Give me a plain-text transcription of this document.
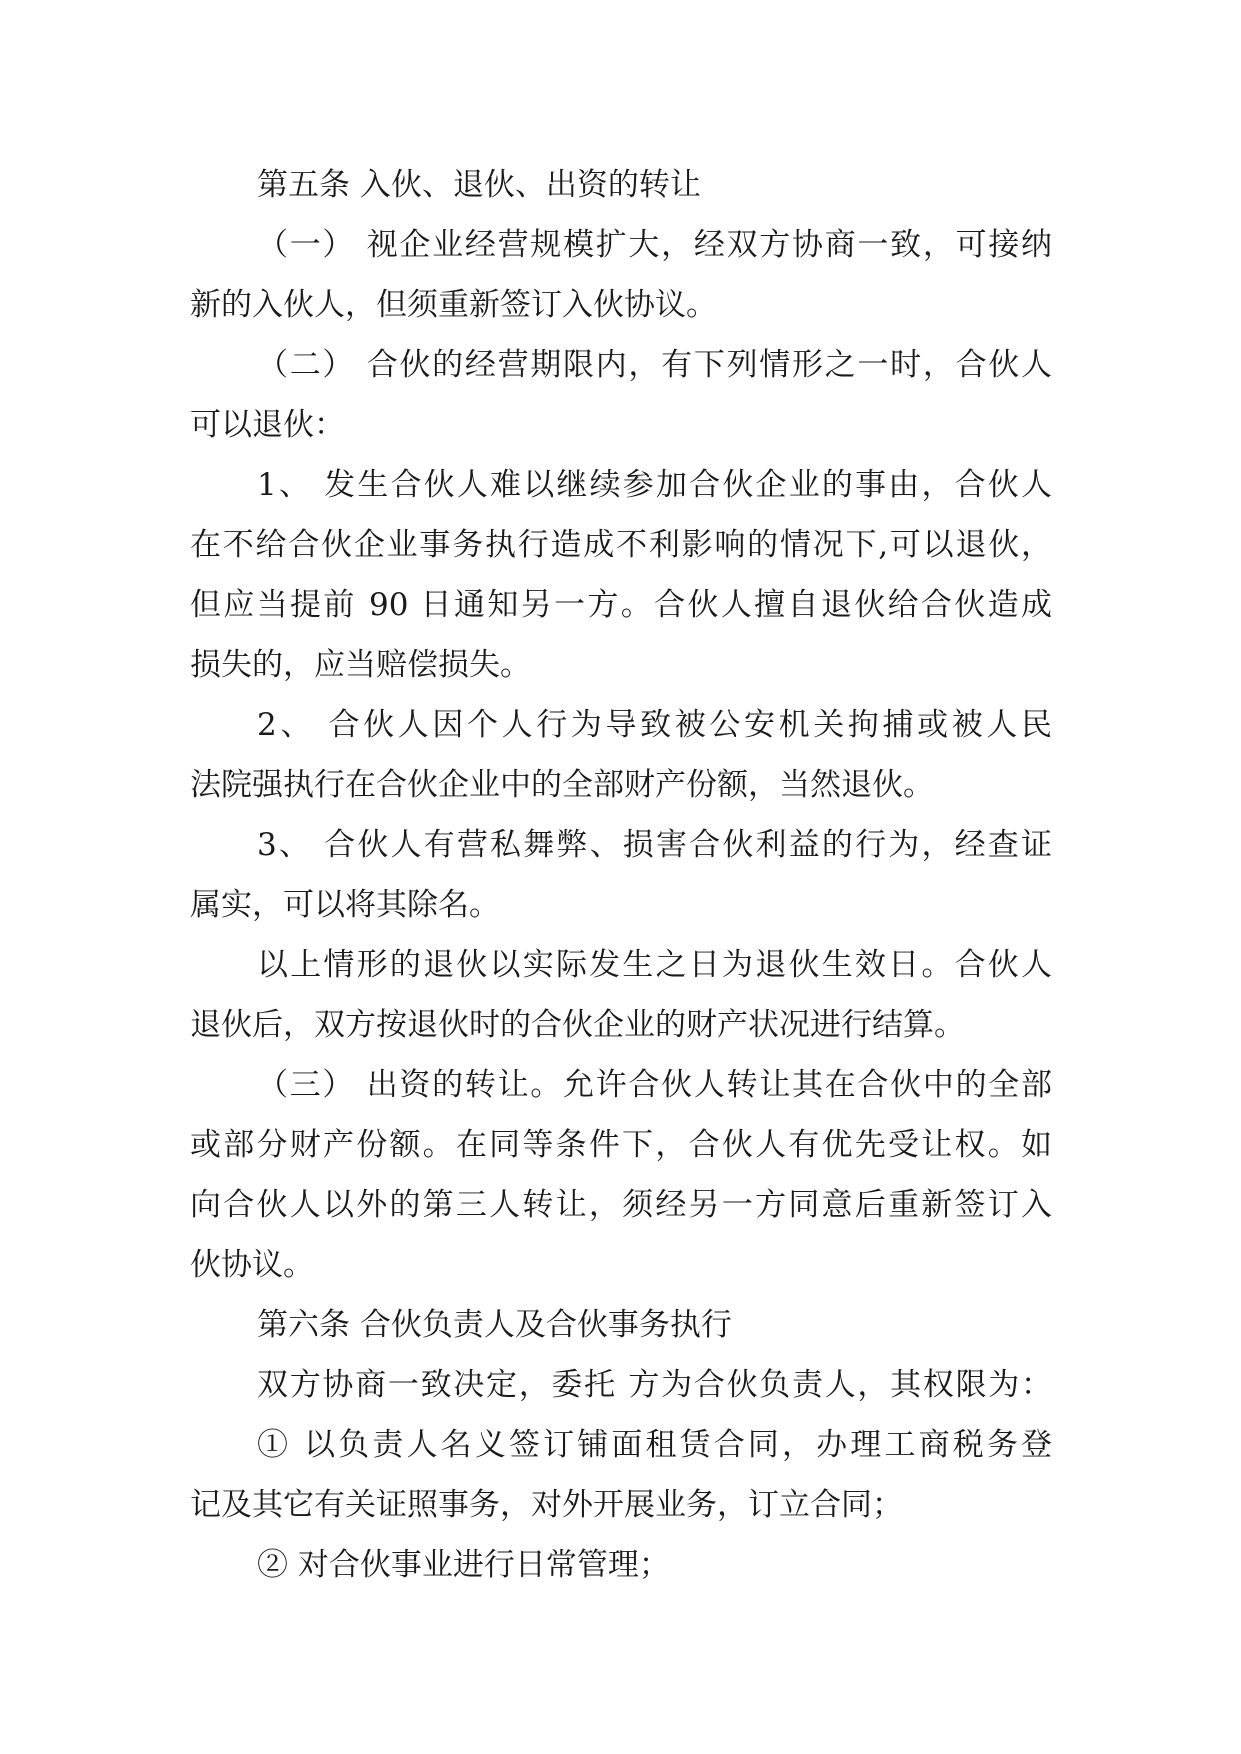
第五条 入伙、退伙、出资的转让
（一） 视企业经营规模扩大，经双方协商一致，可接纳
新的入伙人，但须重新签订入伙协议。
（二） 合伙的经营期限内，有下列情形之一时，合伙人
可以退伙：
1、 发生合伙人难以继续参加合伙企业的事由，合伙人
在不给合伙企业事务执行造成不利影响的情况下,可以退伙，
但应当提前 90 日通知另一方。合伙人擅自退伙给合伙造成
损失的，应当赔偿损失。
2、 合伙人因个人行为导致被公安机关拘捕或被人民
法院强执行在合伙企业中的全部财产份额，当然退伙。
3、 合伙人有营私舞弊、损害合伙利益的行为，经查证
属实，可以将其除名。
以上情形的退伙以实际发生之日为退伙生效日。合伙人
退伙后，双方按退伙时的合伙企业的财产状况进行结算。
（三） 出资的转让。允许合伙人转让其在合伙中的全部
或部分财产份额。在同等条件下，合伙人有优先受让权。如
向合伙人以外的第三人转让，须经另一方同意后重新签订入
伙协议。
第六条 合伙负责人及合伙事务执行
双方协商一致决定，委托 方为合伙负责人，其权限为：
① 以负责人名义签订铺面租赁合同，办理工商税务登
记及其它有关证照事务，对外开展业务，订立合同；
② 对合伙事业进行日常管理；
